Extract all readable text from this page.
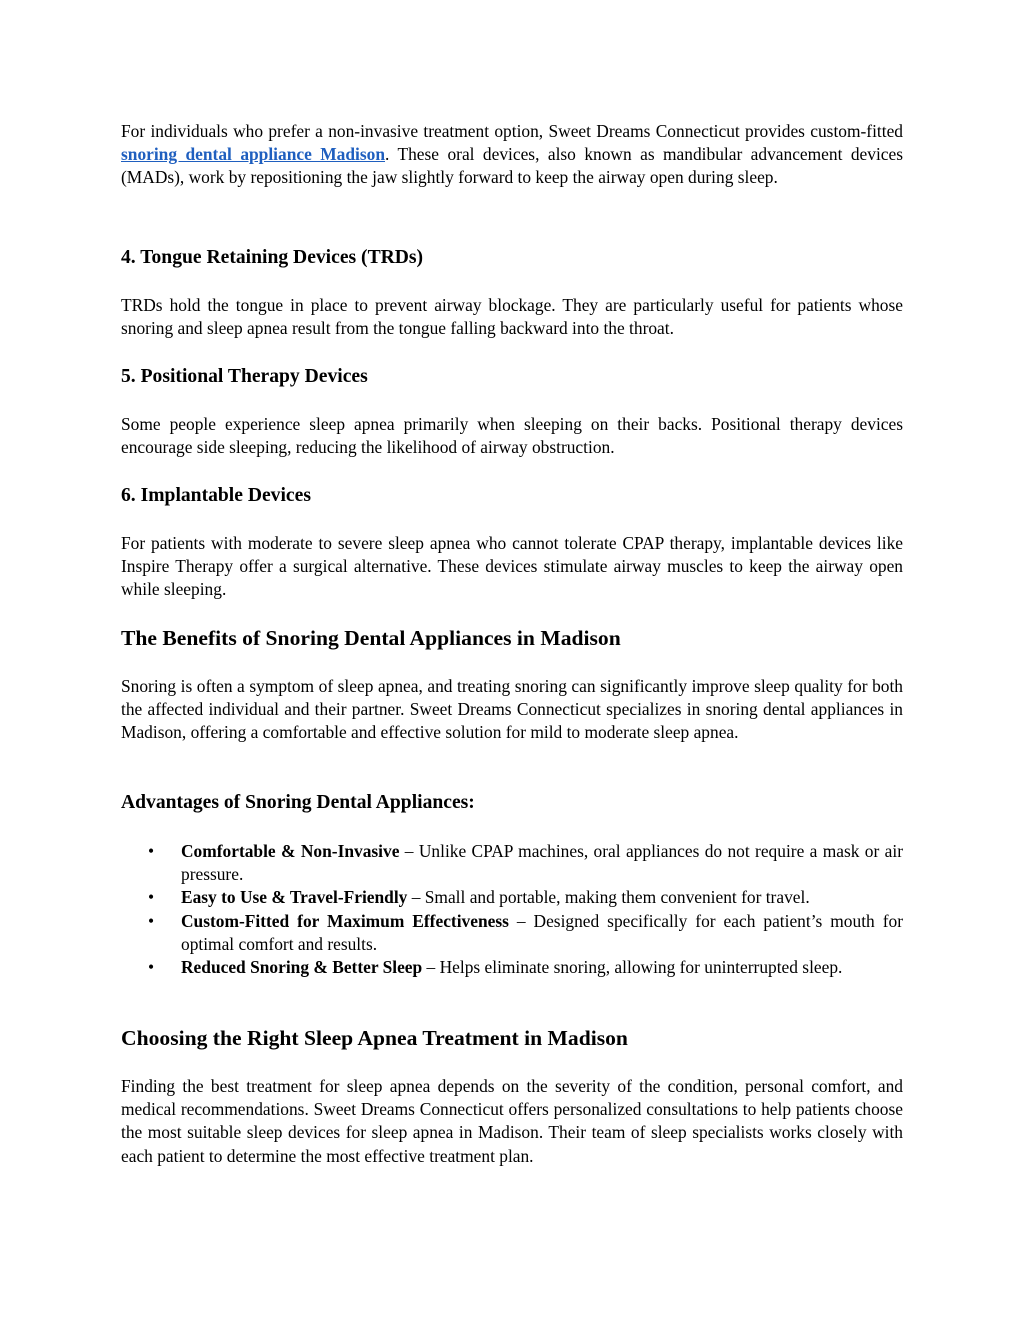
For individuals who prefer a non-invasive treatment option, Sweet Dreams Connecticut provides custom-fitted snoring dental appliance Madison. These oral devices, also known as mandibular advancement devices (MADs), work by repositioning the jaw slightly forward to keep the airway open during sleep.

4. Tongue Retaining Devices (TRDs)

TRDs hold the tongue in place to prevent airway blockage. They are particularly useful for patients whose snoring and sleep apnea result from the tongue falling backward into the throat.

5. Positional Therapy Devices

Some people experience sleep apnea primarily when sleeping on their backs. Positional therapy devices encourage side sleeping, reducing the likelihood of airway obstruction.

6. Implantable Devices

For patients with moderate to severe sleep apnea who cannot tolerate CPAP therapy, implantable devices like Inspire Therapy offer a surgical alternative. These devices stimulate airway muscles to keep the airway open while sleeping.

The Benefits of Snoring Dental Appliances in Madison

Snoring is often a symptom of sleep apnea, and treating snoring can significantly improve sleep quality for both the affected individual and their partner. Sweet Dreams Connecticut specializes in snoring dental appliances in Madison, offering a comfortable and effective solution for mild to moderate sleep apnea.

Advantages of Snoring Dental Appliances:
• Comfortable & Non-Invasive – Unlike CPAP machines, oral appliances do not require a mask or air pressure.
• Easy to Use & Travel-Friendly – Small and portable, making them convenient for travel.
• Custom-Fitted for Maximum Effectiveness – Designed specifically for each patient’s mouth for optimal comfort and results.
• Reduced Snoring & Better Sleep – Helps eliminate snoring, allowing for uninterrupted sleep.
Choosing the Right Sleep Apnea Treatment in Madison

Finding the best treatment for sleep apnea depends on the severity of the condition, personal comfort, and medical recommendations. Sweet Dreams Connecticut offers personalized consultations to help patients choose the most suitable sleep devices for sleep apnea in Madison. Their team of sleep specialists works closely with each patient to determine the most effective treatment plan.
